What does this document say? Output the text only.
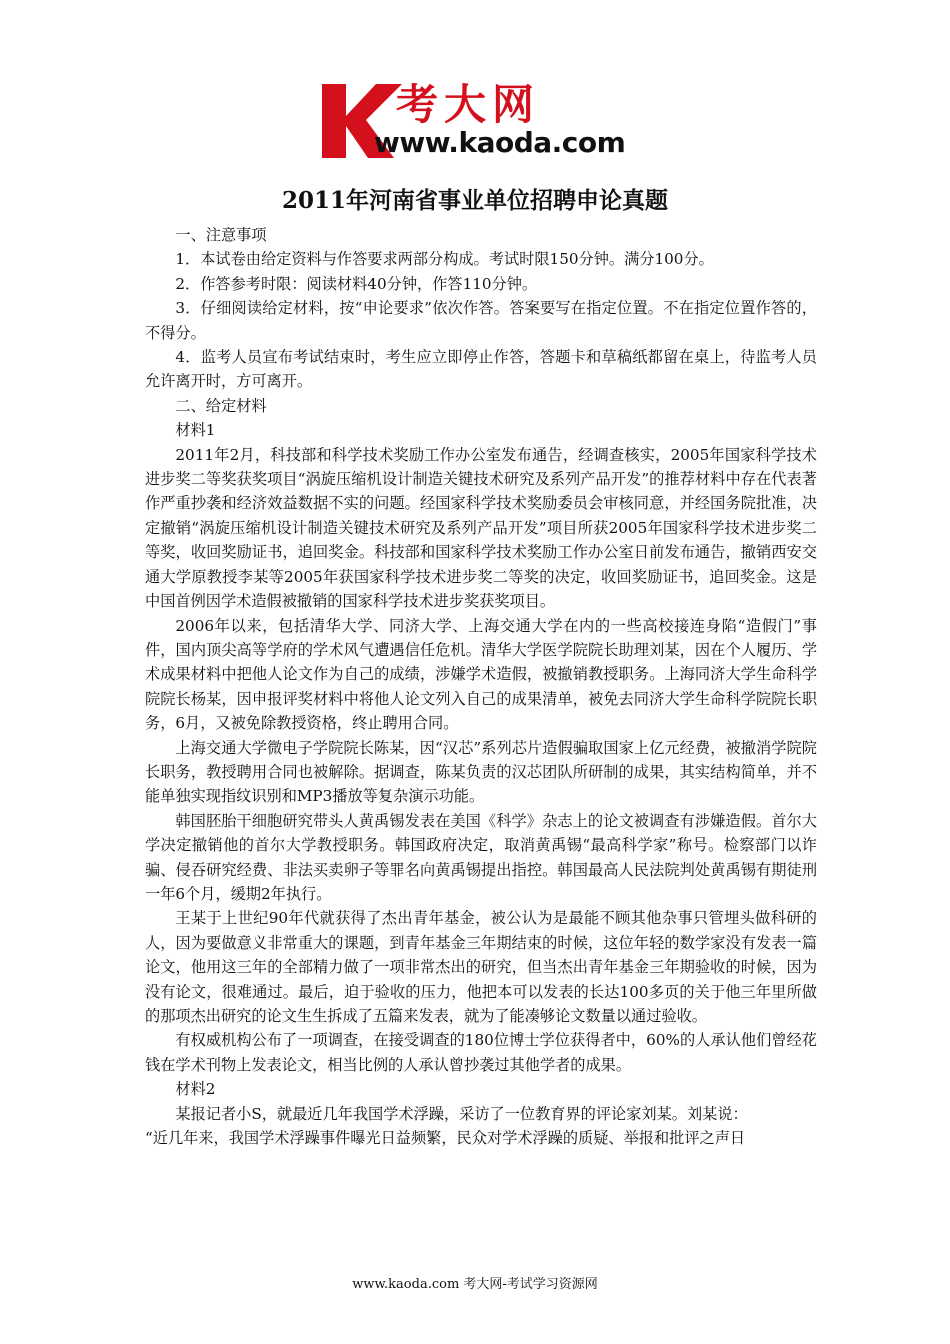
考大网
www.kaoda.com
2011年河南省事业单位招聘申论真题

一、注意事项

1．本试卷由给定资料与作答要求两部分构成。考试时限150分钟。满分100分。

2．作答参考时限：阅读材料40分钟，作答110分钟。

3．仔细阅读给定材料，按“申论要求”依次作答。答案要写在指定位置。不在指定位置作答的，不得分。

4．监考人员宣布考试结束时，考生应立即停止作答，答题卡和草稿纸都留在桌上，待监考人员允许离开时，方可离开。

二、给定材料

材料1

2011年2月，科技部和科学技术奖励工作办公室发布通告，经调查核实，2005年国家科学技术进步奖二等奖获奖项目“涡旋压缩机设计制造关键技术研究及系列产品开发”的推荐材料中存在代表著作严重抄袭和经济效益数据不实的问题。经国家科学技术奖励委员会审核同意，并经国务院批准，决定撤销“涡旋压缩机设计制造关键技术研究及系列产品开发”项目所获2005年国家科学技术进步奖二等奖，收回奖励证书，追回奖金。科技部和国家科学技术奖励工作办公室日前发布通告，撤销西安交通大学原教授李某等2005年获国家科学技术进步奖二等奖的决定，收回奖励证书，追回奖金。这是中国首例因学术造假被撤销的国家科学技术进步奖获奖项目。

2006年以来，包括清华大学、同济大学、上海交通大学在内的一些高校接连身陷“造假门”事件，国内顶尖高等学府的学术风气遭遇信任危机。清华大学医学院院长助理刘某，因在个人履历、学术成果材料中把他人论文作为自己的成绩，涉嫌学术造假，被撤销教授职务。上海同济大学生命科学院院长杨某，因申报评奖材料中将他人论文列入自己的成果清单，被免去同济大学生命科学院院长职务，6月，又被免除教授资格，终止聘用合同。

上海交通大学微电子学院院长陈某，因“汉芯”系列芯片造假骗取国家上亿元经费，被撤消学院院长职务，教授聘用合同也被解除。据调查，陈某负责的汉芯团队所研制的成果，其实结构简单，并不能单独实现指纹识别和MP3播放等复杂演示功能。

韩国胚胎干细胞研究带头人黄禹锡发表在美国《科学》杂志上的论文被调查有涉嫌造假。首尔大学决定撤销他的首尔大学教授职务。韩国政府决定，取消黄禹锡“最高科学家”称号。检察部门以诈骗、侵吞研究经费、非法买卖卵子等罪名向黄禹锡提出指控。韩国最高人民法院判处黄禹锡有期徒刑一年6个月，缓期2年执行。

王某于上世纪90年代就获得了杰出青年基金，被公认为是最能不顾其他杂事只管埋头做科研的人，因为要做意义非常重大的课题，到青年基金三年期结束的时候，这位年轻的数学家没有发表一篇论文，他用这三年的全部精力做了一项非常杰出的研究，但当杰出青年基金三年期验收的时候，因为没有论文，很难通过。最后，迫于验收的压力，他把本可以发表的长达100多页的关于他三年里所做的那项杰出研究的论文生生拆成了五篇来发表，就为了能凑够论文数量以通过验收。

有权威机构公布了一项调查，在接受调查的180位博士学位获得者中，60%的人承认他们曾经花钱在学术刊物上发表论文，相当比例的人承认曾抄袭过其他学者的成果。

材料2

某报记者小S，就最近几年我国学术浮躁，采访了一位教育界的评论家刘某。刘某说：

“近几年来，我国学术浮躁事件曝光日益频繁，民众对学术浮躁的质疑、举报和批评之声日

www.kaoda.com 考大网-考试学习资源网
